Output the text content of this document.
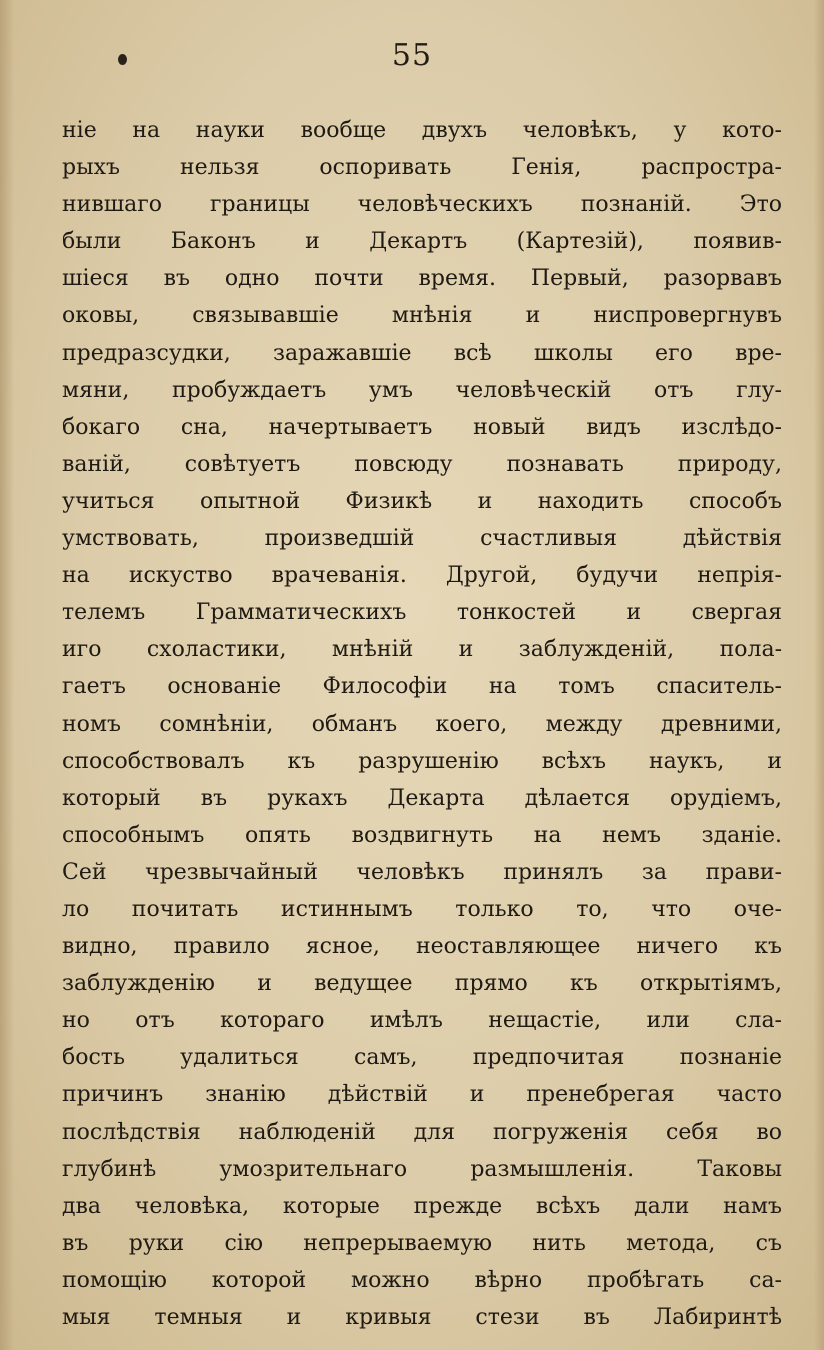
55
нiе на науки вообще двухъ человѣкъ, у кото-
рыхъ нельзя оспоривать Генiя, распростра-
нившаго границы человѣческихъ познанiй. Это
были Баконъ и Декартъ (Картезiй), появив-
шiеся въ одно почти время. Первый, разорвавъ
оковы, связывавшiе мнѣнiя и ниспровергнувъ
предразсудки, заражавшiе всѣ школы его вре-
мяни, пробуждаетъ умъ человѣческiй отъ глу-
бокаго сна, начертываетъ новый видъ изслѣдо-
ванiй, совѣтуетъ повсюду познавать природу,
учиться опытной Физикѣ и находить способъ
умствовать, произведшiй счастливыя дѣйствiя
на искуство врачеванiя. Другой, будучи непрiя-
телемъ Грамматическихъ тонкостей и свергая
иго схоластики, мнѣнiй и заблужденiй, пола-
гаетъ основанiе Философiи на томъ спаситель-
номъ сомнѣнiи, обманъ коего, между древними,
способствовалъ къ разрушенiю всѣхъ наукъ, и
который въ рукахъ Декарта дѣлается орудiемъ,
способнымъ опять воздвигнуть на немъ зданiе.
Сей чрезвычайный человѣкъ принялъ за прави-
ло почитать истиннымъ только то, что оче-
видно, правило ясное, неоставляющее ничего къ
заблужденiю и ведущее прямо къ открытiямъ,
но отъ котораго имѣлъ нещастiе, или сла-
бость удалиться самъ, предпочитая познанiе
причинъ знанiю дѣйствiй и пренебрегая часто
послѣдствiя наблюденiй для погруженiя себя во
глубинѣ умозрительнаго размышленiя. Таковы
два человѣка, которые прежде всѣхъ дали намъ
въ руки сiю непрерываемую нить метода, съ
помощiю которой можно вѣрно пробѣгать са-
мыя темныя и кривыя стези въ Лабиринтѣ
